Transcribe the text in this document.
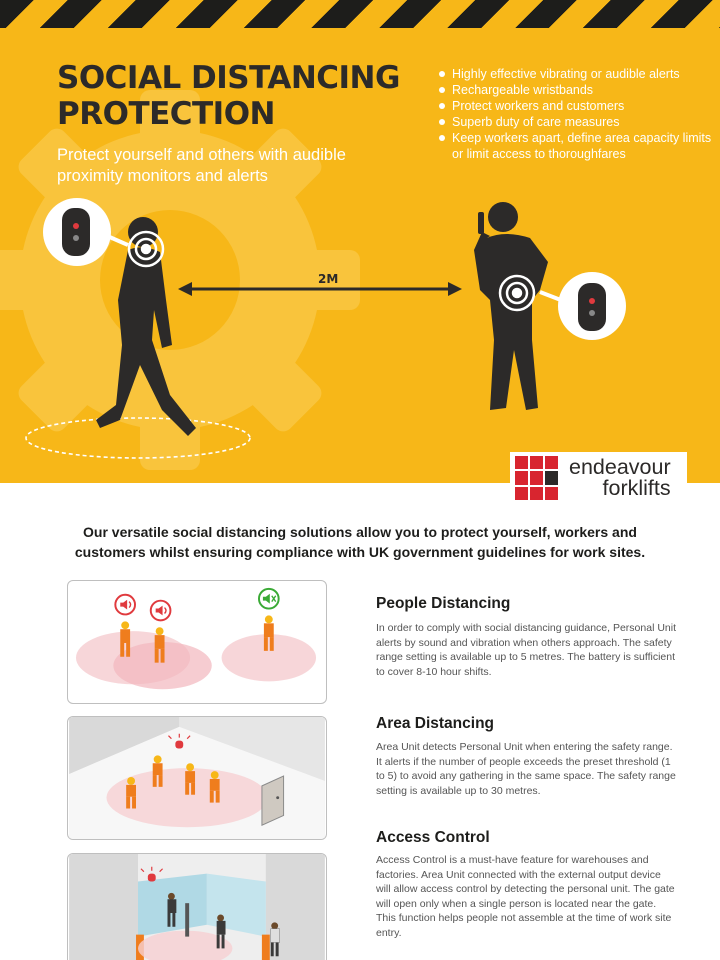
SOCIAL DISTANCING PROTECTION
Protect yourself and others with audible proximity monitors and alerts
Highly effective vibrating or audible alerts
Rechargeable wristbands
Protect workers and customers
Superb duty of care measures
Keep workers apart, define area capacity limits or limit access to thoroughfares
2M
endeavour
forklifts
Our versatile social distancing solutions allow you to protect yourself, workers and customers whilst ensuring compliance with UK government guidelines for work sites.
People Distancing
In order to comply with social distancing guidance, Personal Unit alerts by sound and vibration when others approach. The safety range setting is available up to 5 metres. The battery is sufficient to cover 8-10 hour shifts.
Area Distancing
Area Unit detects Personal Unit when entering the safety range. It alerts if the number of people exceeds the preset threshold (1 to 5) to avoid any gathering in the same space. The safety range setting is available up to 30 metres.
Access Control
Access Control is a must-have feature for warehouses and factories. Area Unit connected with the external output device will allow access control by detecting the personal unit. The gate will open only when a single person is located near the gate. This function helps people not assemble at the time of work site entry.
